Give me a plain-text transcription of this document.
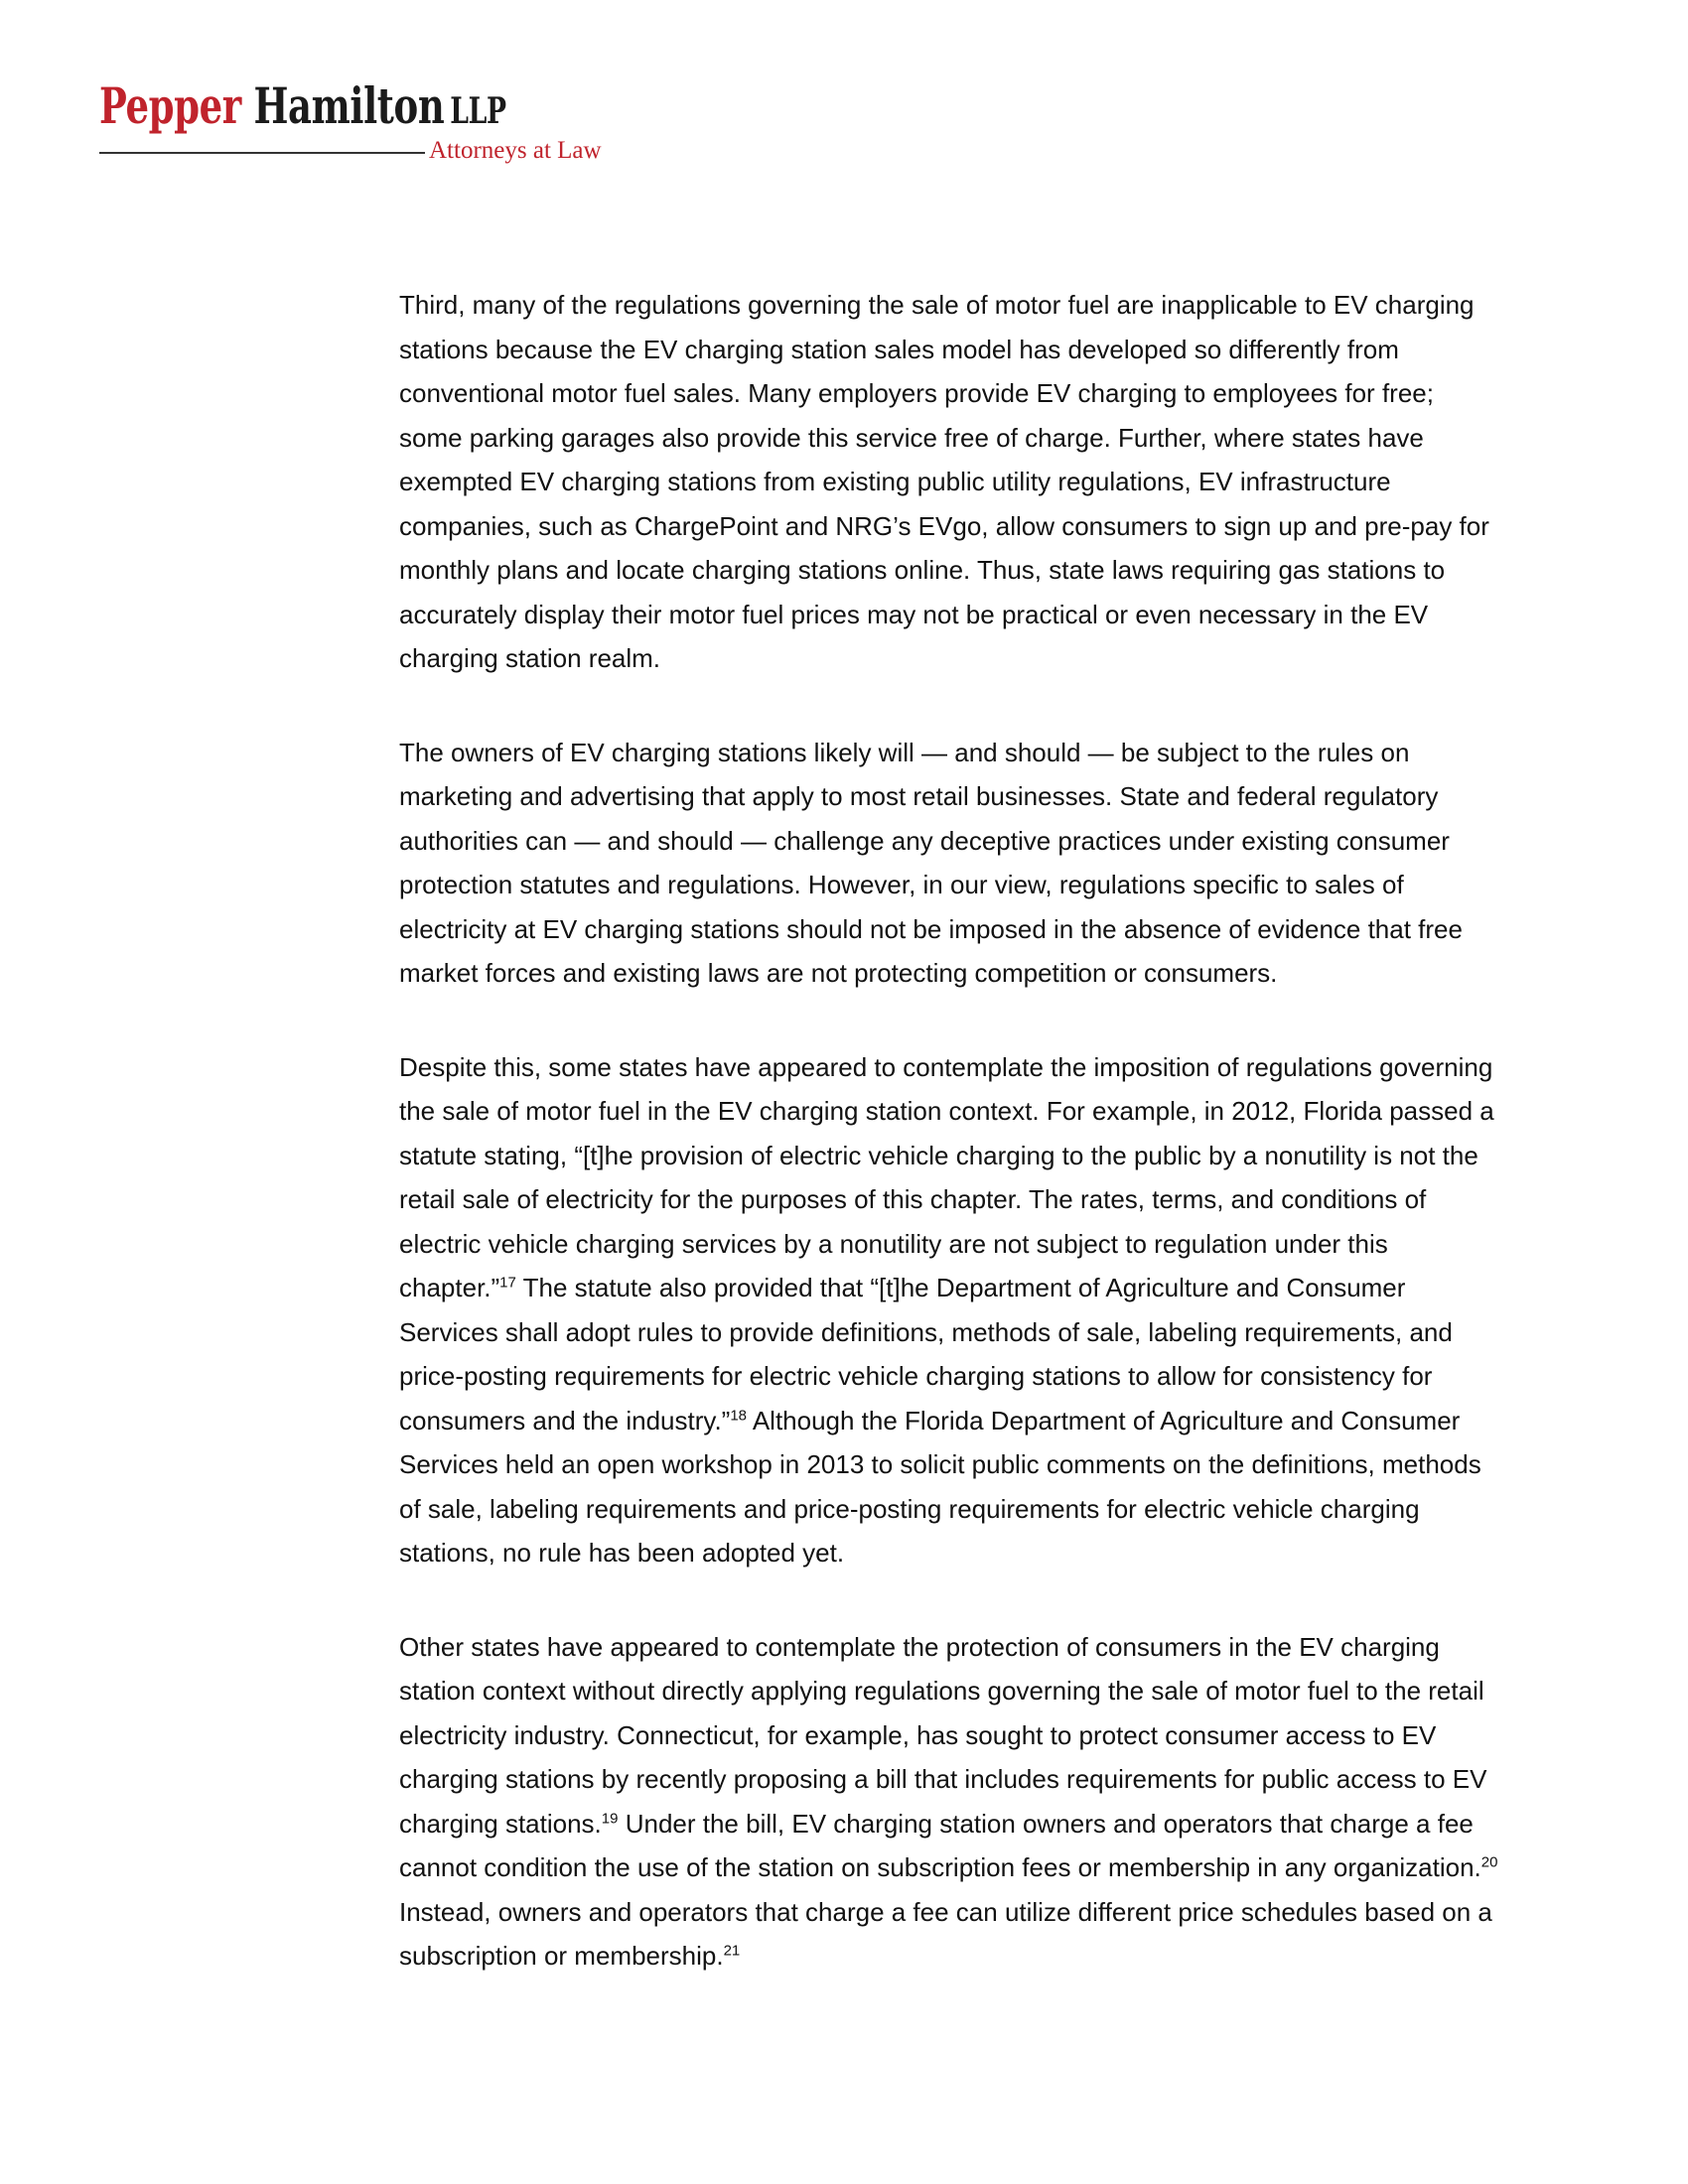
Pepper Hamilton LLP
Attorneys at Law

Third, many of the regulations governing the sale of motor fuel are inapplicable to EV charging stations because the EV charging station sales model has developed so differently from conventional motor fuel sales. Many employers provide EV charging to employees for free; some parking garages also provide this service free of charge. Further, where states have exempted EV charging stations from existing public utility regulations, EV infrastructure companies, such as ChargePoint and NRG’s EVgo, allow consumers to sign up and pre-pay for monthly plans and locate charging stations online. Thus, state laws requiring gas stations to accurately display their motor fuel prices may not be practical or even necessary in the EV charging station realm.

The owners of EV charging stations likely will — and should — be subject to the rules on marketing and advertising that apply to most retail businesses. State and federal regulatory authorities can — and should — challenge any deceptive practices under existing consumer protection statutes and regulations. However, in our view, regulations specific to sales of electricity at EV charging stations should not be imposed in the absence of evidence that free market forces and existing laws are not protecting competition or consumers.

Despite this, some states have appeared to contemplate the imposition of regulations governing the sale of motor fuel in the EV charging station context. For example, in 2012, Florida passed a statute stating, “[t]he provision of electric vehicle charging to the public by a nonutility is not the retail sale of electricity for the purposes of this chapter. The rates, terms, and conditions of electric vehicle charging services by a nonutility are not subject to regulation under this chapter.”$^{17}$ The statute also provided that “[t]he Department of Agriculture and Consumer Services shall adopt rules to provide definitions, methods of sale, labeling requirements, and price-posting requirements for electric vehicle charging stations to allow for consistency for consumers and the industry.”$^{18}$ Although the Florida Department of Agriculture and Consumer Services held an open workshop in 2013 to solicit public comments on the definitions, methods of sale, labeling requirements and price-posting requirements for electric vehicle charging stations, no rule has been adopted yet.

Other states have appeared to contemplate the protection of consumers in the EV charging station context without directly applying regulations governing the sale of motor fuel to the retail electricity industry. Connecticut, for example, has sought to protect consumer access to EV charging stations by recently proposing a bill that includes requirements for public access to EV charging stations.$^{19}$ Under the bill, EV charging station owners and operators that charge a fee cannot condition the use of the station on subscription fees or membership in any organization.$^{20}$ Instead, owners and operators that charge a fee can utilize different price schedules based on a subscription or membership.$^{21}$
